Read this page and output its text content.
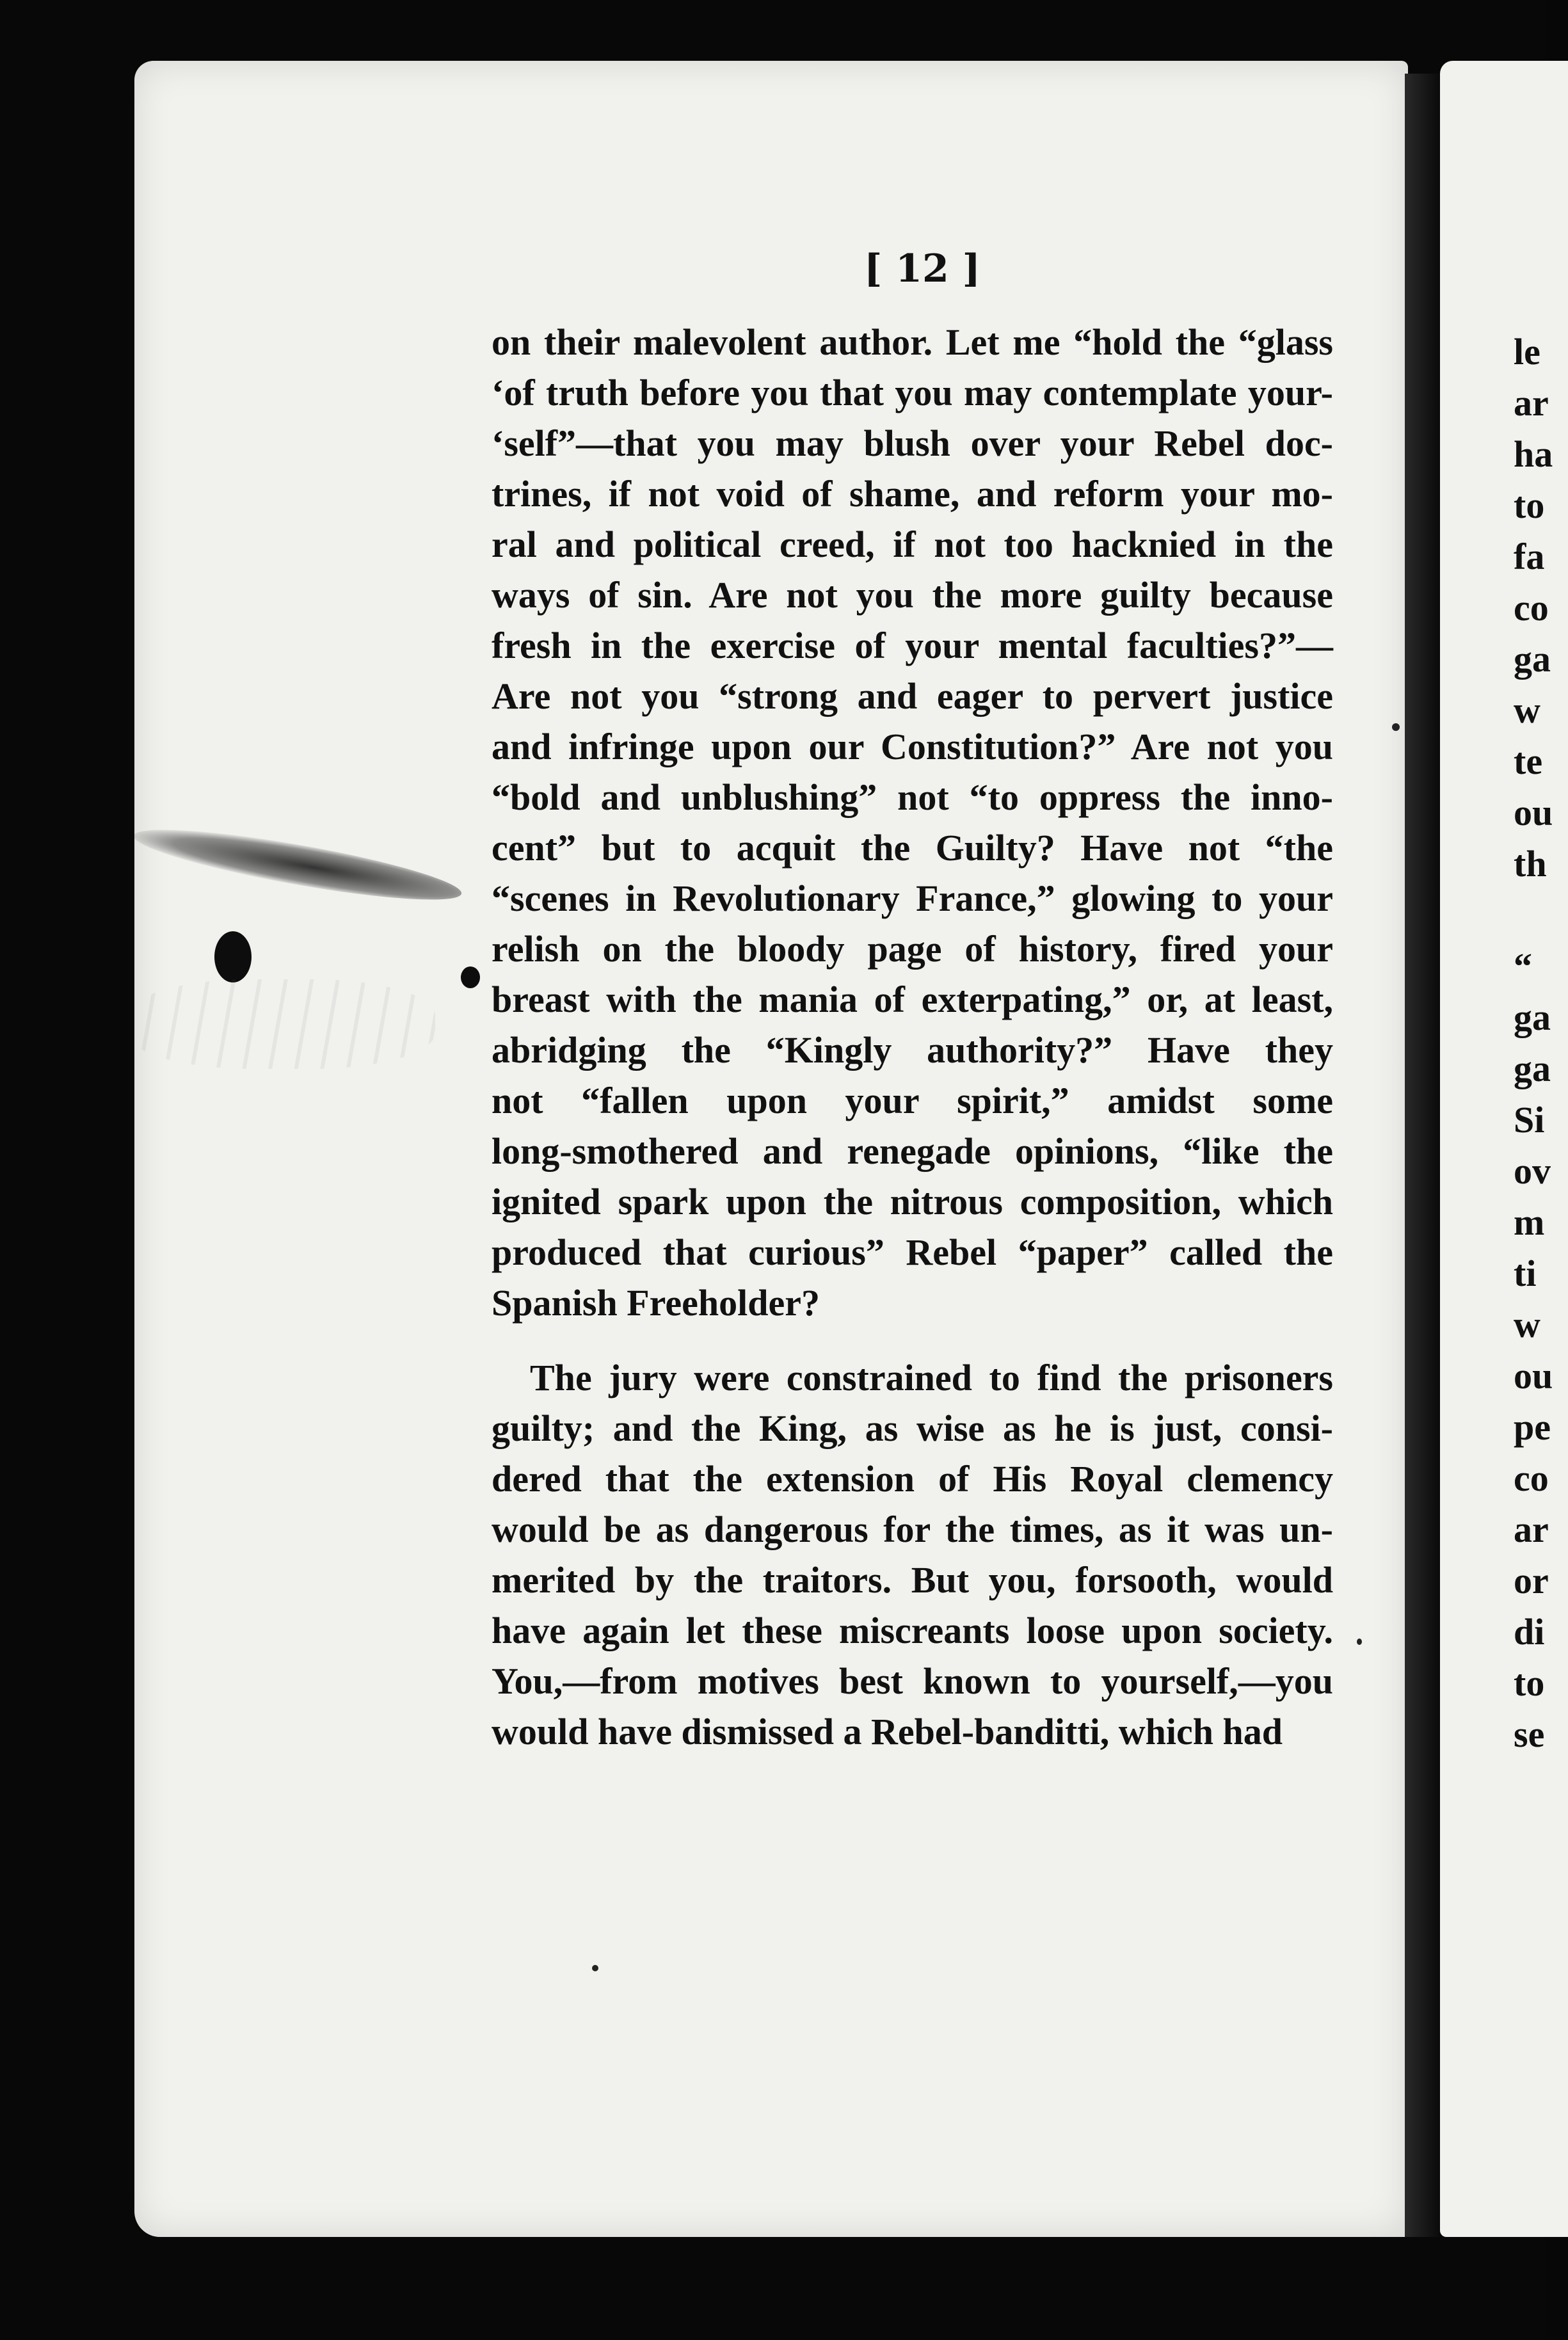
[ 12 ]
on their malevolent author. Let me “hold the “glass
‘of truth before you that you may contemplate your-
‘self”—that you may blush over your Rebel doc-
trines, if not void of shame, and reform your mo-
ral and political creed, if not too hacknied in the
ways of sin. Are not you the more guilty because
fresh in the exercise of your mental faculties?”—
Are not you “strong and eager to pervert justice
and infringe upon our Constitution?” Are not you
“bold and unblushing” not “to oppress the inno-
cent” but to acquit the Guilty? Have not “the
“scenes in Revolutionary France,” glowing to your
relish on the bloody page of history, fired your
breast with the mania of exterpating,” or, at least,
abridging the “Kingly authority?” Have they
not “fallen upon your spirit,” amidst some
long-smothered and renegade opinions, “like the
ignited spark upon the nitrous composition, which
produced that curious” Rebel “paper” called the
Spanish Freeholder?
The jury were constrained to find the prisoners
guilty; and the King, as wise as he is just, consi-
dered that the extension of His Royal clemency
would be as dangerous for the times, as it was un-
merited by the traitors. But you, forsooth, would
have again let these miscreants loose upon society.
You,—from motives best known to yourself,—you
would have dismissed a Rebel-banditti, which had
le
ar
ha
to
fa
co
ga
w
te
ou
th

“
ga
ga
Si
ov
m
ti
w
ou
pe
co
ar
or
di
to
se
